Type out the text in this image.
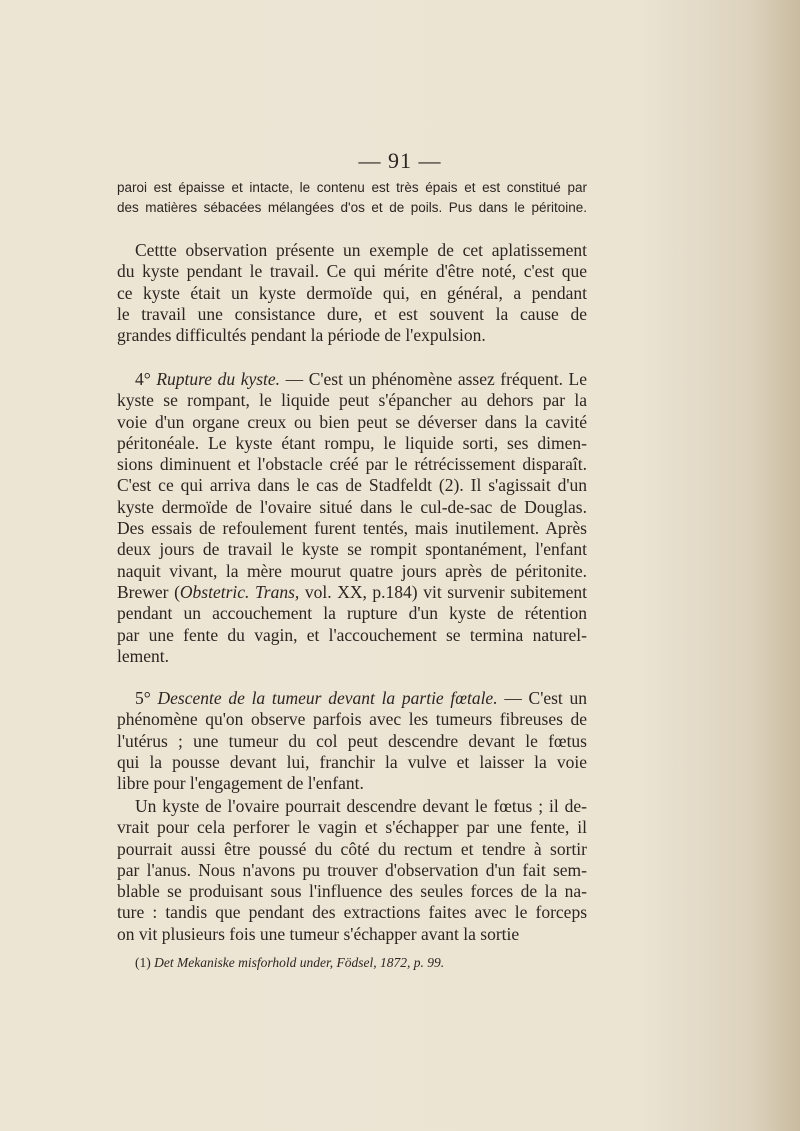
— 91 —
paroi est épaisse et intacte, le contenu est très épais et est constitué par
des matières sébacées mélangées d'os et de poils. Pus dans le péritoine.
Cettte observation présente un exemple de cet aplatissement
du kyste pendant le travail. Ce qui mérite d'être noté, c'est que
ce kyste était un kyste dermoïde qui, en général, a pendant
le travail une consistance dure, et est souvent la cause de
grandes difficultés pendant la période de l'expulsion.
4° Rupture du kyste. — C'est un phénomène assez fréquent. Le
kyste se rompant, le liquide peut s'épancher au dehors par la
voie d'un organe creux ou bien peut se déverser dans la cavité
péritonéale. Le kyste étant rompu, le liquide sorti, ses dimen-
sions diminuent et l'obstacle créé par le rétrécissement disparaît.
C'est ce qui arriva dans le cas de Stadfeldt (2). Il s'agissait d'un
kyste dermoïde de l'ovaire situé dans le cul-de-sac de Douglas.
Des essais de refoulement furent tentés, mais inutilement. Après
deux jours de travail le kyste se rompit spontanément, l'enfant
naquit vivant, la mère mourut quatre jours après de péritonite.
Brewer (Obstetric. Trans, vol. XX, p.184) vit survenir subitement
pendant un accouchement la rupture d'un kyste de rétention
par une fente du vagin, et l'accouchement se termina naturel-
lement.
5° Descente de la tumeur devant la partie fœtale. — C'est un
phénomène qu'on observe parfois avec les tumeurs fibreuses de
l'utérus ; une tumeur du col peut descendre devant le fœtus
qui la pousse devant lui, franchir la vulve et laisser la voie
libre pour l'engagement de l'enfant.
Un kyste de l'ovaire pourrait descendre devant le fœtus ; il de-
vrait pour cela perforer le vagin et s'échapper par une fente, il
pourrait aussi être poussé du côté du rectum et tendre à sortir
par l'anus. Nous n'avons pu trouver d'observation d'un fait sem-
blable se produisant sous l'influence des seules forces de la na-
ture : tandis que pendant des extractions faites avec le forceps
on vit plusieurs fois une tumeur s'échapper avant la sortie
(1) Det Mekaniske misforhold under, Födsel, 1872, p. 99.
